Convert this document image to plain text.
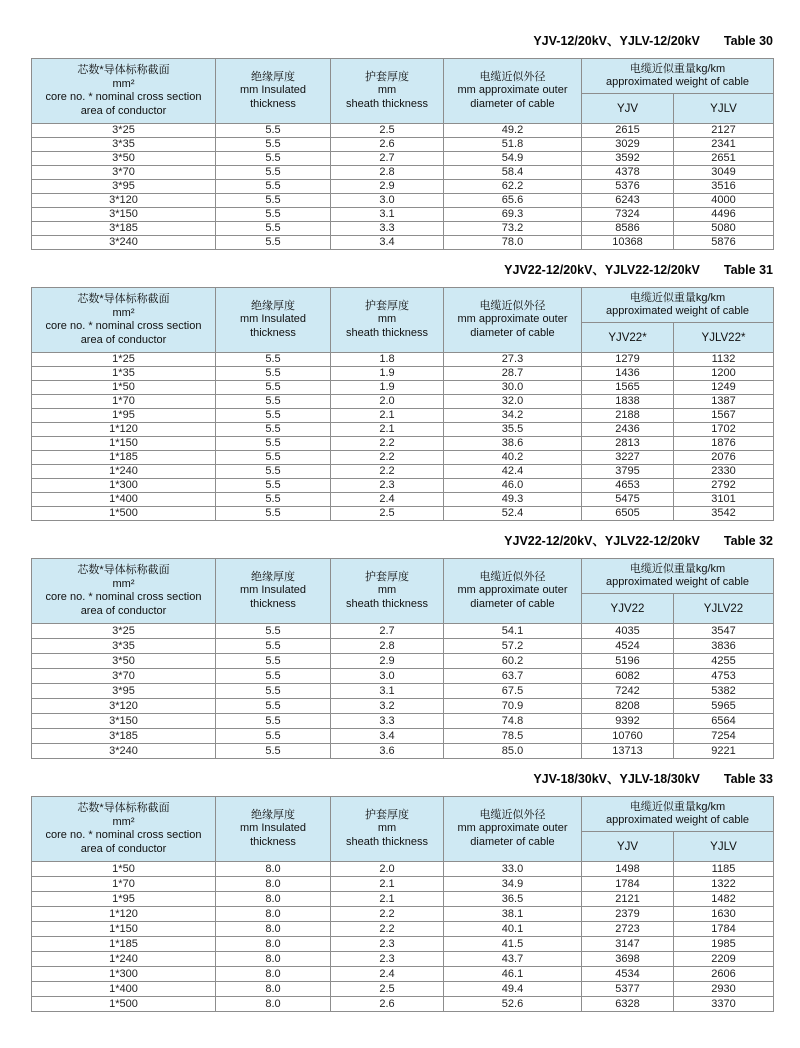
YJV-12/20kV、YJLV-12/20kV Table 30
芯数*导体标称截面
mm²
core no. * nominal cross section
area of conductor

绝缘厚度
mm Insulated
thickness

护套厚度
mm
sheath thickness

电缆近似外径
mm approximate outer
diameter of cable

电缆近似重量kg/km
approximated weight of cable

				YJV	YJLV
3*25	5.5	2.5	49.2	2615	2127
3*35	5.5	2.6	51.8	3029	2341
3*50	5.5	2.7	54.9	3592	2651
3*70	5.5	2.8	58.4	4378	3049
3*95	5.5	2.9	62.2	5376	3516
3*120	5.5	3.0	65.6	6243	4000
3*150	5.5	3.1	69.3	7324	4496
3*185	5.5	3.3	73.2	8586	5080
3*240	5.5	3.4	78.0	10368	5876
YJV22-12/20kV、YJLV22-12/20kV Table 31
芯数*导体标称截面
mm²
core no. * nominal cross section
area of conductor

绝缘厚度
mm Insulated
thickness

护套厚度
mm
sheath thickness

电缆近似外径
mm approximate outer
diameter of cable

电缆近似重量kg/km
approximated weight of cable

				YJV22*	YJLV22*
1*25	5.5	1.8	27.3	1279	1132
1*35	5.5	1.9	28.7	1436	1200
1*50	5.5	1.9	30.0	1565	1249
1*70	5.5	2.0	32.0	1838	1387
1*95	5.5	2.1	34.2	2188	1567
1*120	5.5	2.1	35.5	2436	1702
1*150	5.5	2.2	38.6	2813	1876
1*185	5.5	2.2	40.2	3227	2076
1*240	5.5	2.2	42.4	3795	2330
1*300	5.5	2.3	46.0	4653	2792
1*400	5.5	2.4	49.3	5475	3101
1*500	5.5	2.5	52.4	6505	3542
YJV22-12/20kV、YJLV22-12/20kV Table 32
芯数*导体标称截面
mm²
core no. * nominal cross section
area of conductor

绝缘厚度
mm Insulated
thickness

护套厚度
mm
sheath thickness

电缆近似外径
mm approximate outer
diameter of cable

电缆近似重量kg/km
approximated weight of cable

				YJV22	YJLV22
3*25	5.5	2.7	54.1	4035	3547
3*35	5.5	2.8	57.2	4524	3836
3*50	5.5	2.9	60.2	5196	4255
3*70	5.5	3.0	63.7	6082	4753
3*95	5.5	3.1	67.5	7242	5382
3*120	5.5	3.2	70.9	8208	5965
3*150	5.5	3.3	74.8	9392	6564
3*185	5.5	3.4	78.5	10760	7254
3*240	5.5	3.6	85.0	13713	9221
YJV-18/30kV、YJLV-18/30kV Table 33
芯数*导体标称截面
mm²
core no. * nominal cross section
area of conductor

绝缘厚度
mm Insulated
thickness

护套厚度
mm
sheath thickness

电缆近似外径
mm approximate outer
diameter of cable

电缆近似重量kg/km
approximated weight of cable

				YJV	YJLV
1*50	8.0	2.0	33.0	1498	1185
1*70	8.0	2.1	34.9	1784	1322
1*95	8.0	2.1	36.5	2121	1482
1*120	8.0	2.2	38.1	2379	1630
1*150	8.0	2.2	40.1	2723	1784
1*185	8.0	2.3	41.5	3147	1985
1*240	8.0	2.3	43.7	3698	2209
1*300	8.0	2.4	46.1	4534	2606
1*400	8.0	2.5	49.4	5377	2930
1*500	8.0	2.6	52.6	6328	3370
